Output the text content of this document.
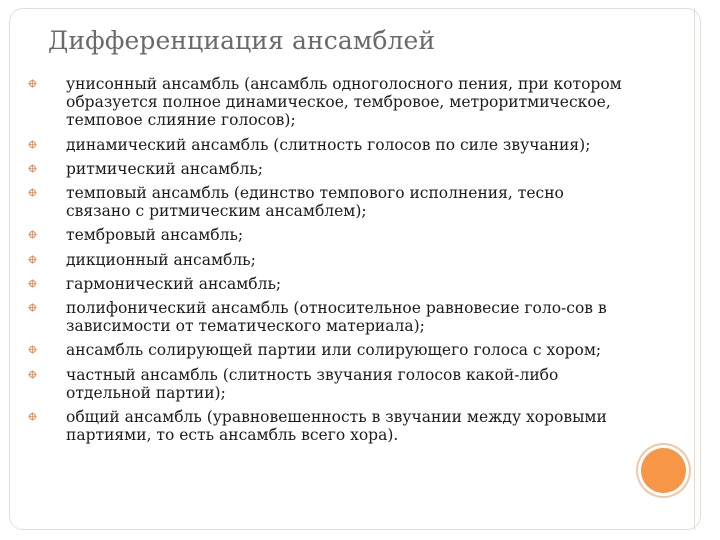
Дифференциация ансамблей
унисонный ансамбль (ансамбль одноголосного пения, при котором образуется полное динамическое, тембровое, метроритмическое, темповое слияние голосов);
динамический ансамбль (слитность голосов по силе звучания);
ритмический ансамбль;
темповый ансамбль (единство темпового исполнения, тесно связано с ритмическим ансамблем);
тембровый ансамбль;
дикционный ансамбль;
гармонический ансамбль;
полифонический ансамбль (относительное равновесие голо-сов в зависимости от тематического материала);
ансамбль солирующей партии или солирующего голоса с хором;
частный ансамбль (слитность звучания голосов какой-либо отдельной партии);
общий ансамбль (уравновешенность в звучании между хоровыми партиями, то есть ансамбль всего хора).
